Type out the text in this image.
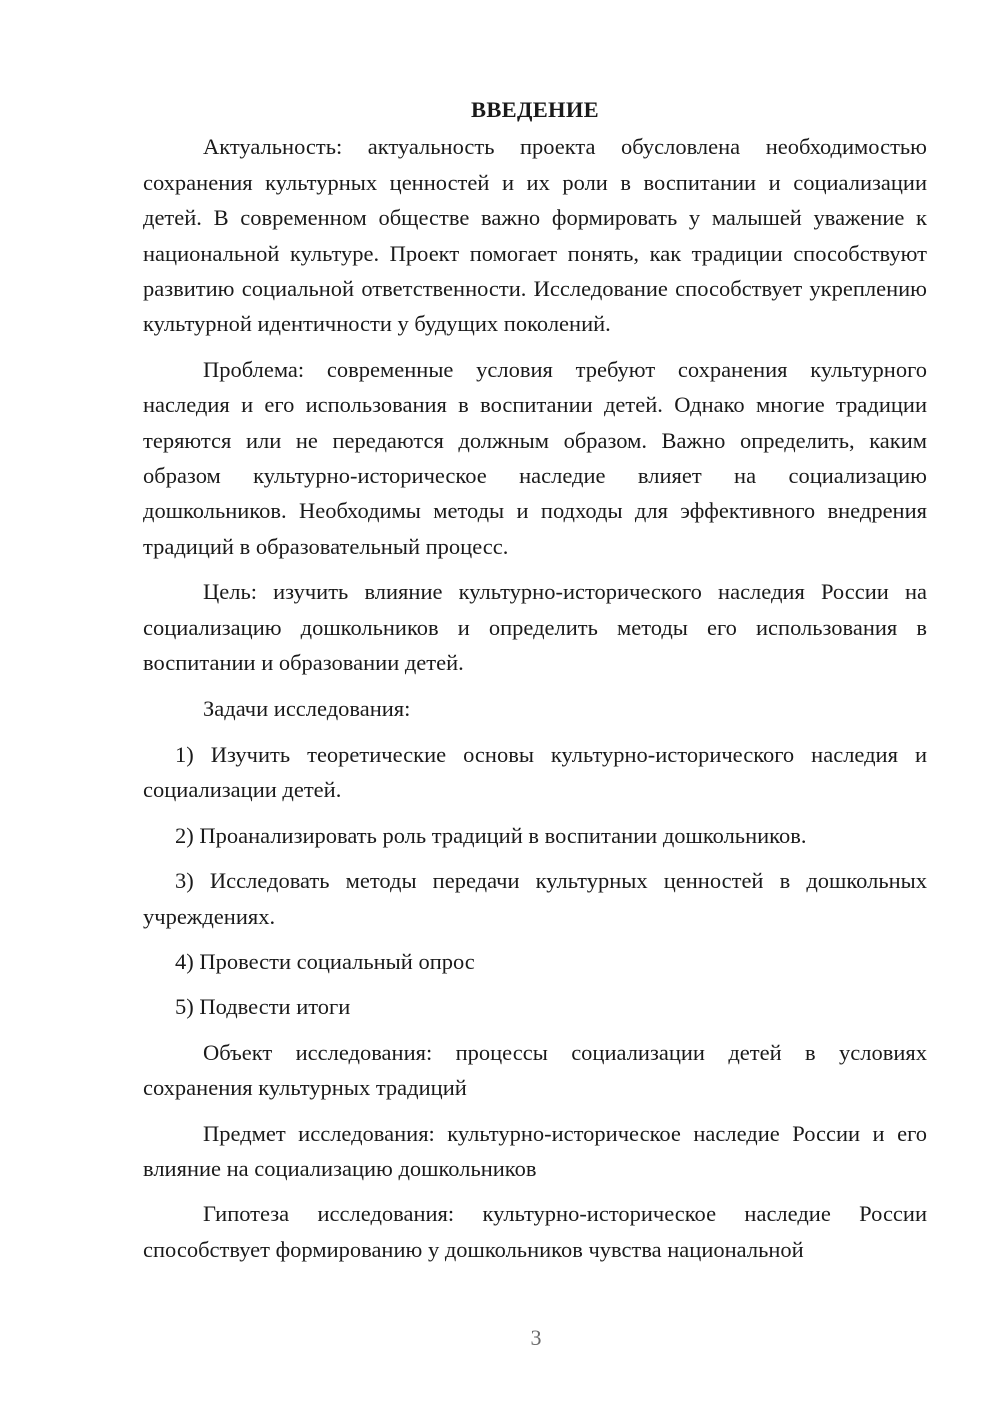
ВВЕДЕНИЕ

Актуальность: актуальность проекта обусловлена необходимостью сохранения культурных ценностей и их роли в воспитании и социализации детей. В современном обществе важно формировать у малышей уважение к национальной культуре. Проект помогает понять, как традиции способствуют развитию социальной ответственности. Исследование способствует укреплению культурной идентичности у будущих поколений.

Проблема: современные условия требуют сохранения культурного наследия и его использования в воспитании детей. Однако многие традиции теряются или не передаются должным образом. Важно определить, каким образом культурно-историческое наследие влияет на социализацию дошкольников. Необходимы методы и подходы для эффективного внедрения традиций в образовательный процесс.

Цель: изучить влияние культурно-исторического наследия России на социализацию дошкольников и определить методы его использования в воспитании и образовании детей.

Задачи исследования:

1) Изучить теоретические основы культурно-исторического наследия и социализации детей.

2) Проанализировать роль традиций в воспитании дошкольников.

3) Исследовать методы передачи культурных ценностей в дошкольных учреждениях.

4) Провести социальный опрос

5) Подвести итоги

Объект исследования: процессы социализации детей в условиях сохранения культурных традиций

Предмет исследования: культурно-историческое наследие России и его влияние на социализацию дошкольников

Гипотеза исследования: культурно-историческое наследие России способствует формированию у дошкольников чувства национальной

3
